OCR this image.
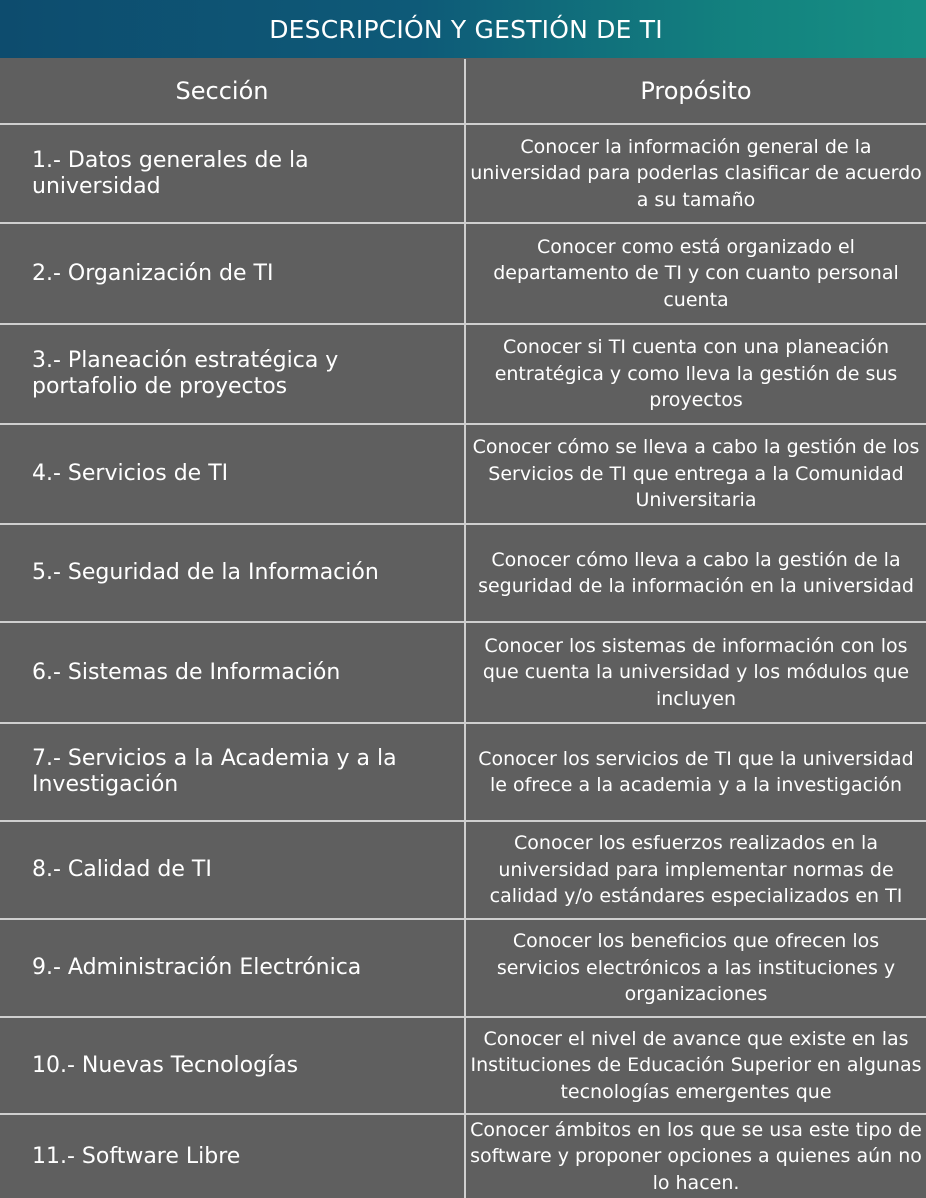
DESCRIPCIÓN Y GESTIÓN DE TI
Sección	Propósito
1.- Datos generales de la universidad
Conocer la información general de la universidad para poderlas clasificar de acuerdo a su tamaño
2.- Organización de TI
Conocer como está organizado el departamento de TI y con cuanto personal cuenta
3.- Planeación estratégica y portafolio de proyectos
Conocer si TI cuenta con una planeación entratégica y como lleva la gestión de sus proyectos
4.- Servicios de TI
Conocer cómo se lleva a cabo la gestión de los Servicios de TI que entrega a la Comunidad Universitaria
5.- Seguridad de la Información
Conocer cómo lleva a cabo la gestión de la seguridad de la información en la universidad
6.- Sistemas de Información
Conocer los sistemas de información con los que cuenta la universidad y los módulos que incluyen
7.- Servicios a la Academia y a la Investigación
Conocer los servicios de TI que la universidad le ofrece a la academia y a la investigación
8.- Calidad de TI
Conocer los esfuerzos realizados en la universidad para implementar normas de calidad y/o estándares especializados en TI
9.- Administración Electrónica
Conocer los beneficios que ofrecen los servicios electrónicos a las instituciones y organizaciones
10.- Nuevas Tecnologías
Conocer el nivel de avance que existe en las Instituciones de Educación Superior en algunas tecnologías emergentes que
11.- Software Libre
Conocer ámbitos en los que se usa este tipo de software y proponer opciones a quienes aún no lo hacen.
